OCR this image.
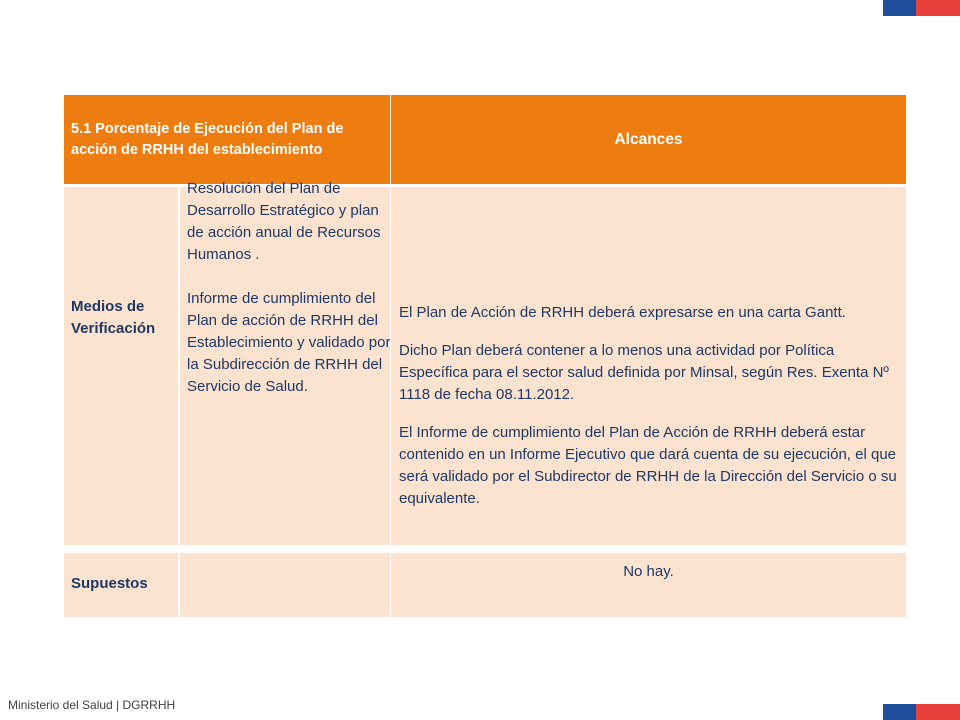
5.1 Porcentaje de Ejecución del Plan de acción de RRHH del establecimiento
Alcances
Medios de Verificación
Resolución del Plan de Desarrollo Estratégico y plan de acción anual de Recursos Humanos .
Informe de cumplimiento del Plan de acción de RRHH del Establecimiento y validado por la Subdirección de RRHH del Servicio de Salud.

El Plan de Acción de RRHH deberá expresarse en una carta Gantt.

Dicho Plan deberá contener a lo menos una actividad por Política Específica para el sector salud definida por Minsal, según Res. Exenta Nº 1118 de fecha 08.11.2012.

El Informe de cumplimiento del Plan de Acción de RRHH deberá estar contenido en un Informe Ejecutivo que dará cuenta de su ejecución, el que será validado por el Subdirector de RRHH de la Dirección del Servicio o su equivalente.

Supuestos
No hay.
Ministerio del Salud | DGRRHH
